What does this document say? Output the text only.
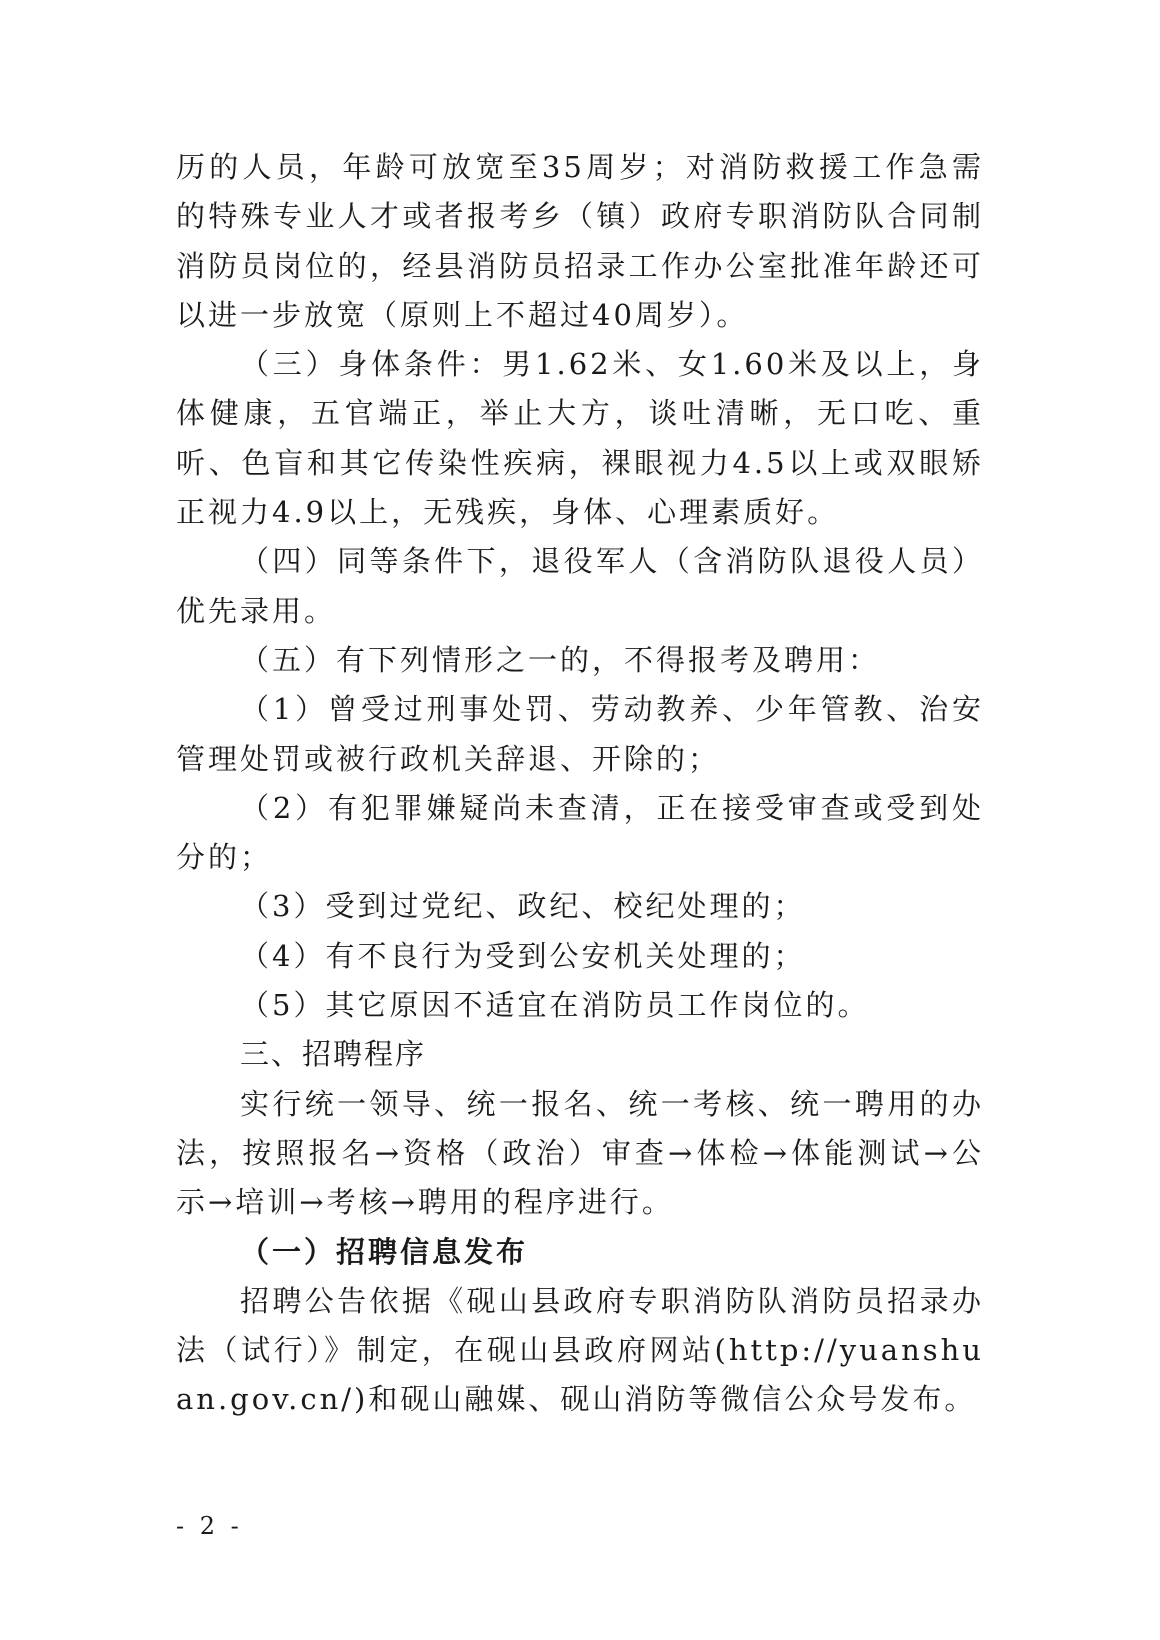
历的人员，年龄可放宽至35周岁；对消防救援工作急需的特殊专业人才或者报考乡（镇）政府专职消防队合同制消防员岗位的，经县消防员招录工作办公室批准年龄还可以进一步放宽（原则上不超过40周岁）。

（三）身体条件：男1.62米、女1.60米及以上，身体健康，五官端正，举止大方，谈吐清晰，无口吃、重听、色盲和其它传染性疾病，裸眼视力4.5以上或双眼矫正视力4.9以上，无残疾，身体、心理素质好。

（四）同等条件下，退役军人（含消防队退役人员）优先录用。

（五）有下列情形之一的，不得报考及聘用：

（1）曾受过刑事处罚、劳动教养、少年管教、治安管理处罚或被行政机关辞退、开除的；

（2）有犯罪嫌疑尚未查清，正在接受审查或受到处分的；

（3）受到过党纪、政纪、校纪处理的；

（4）有不良行为受到公安机关处理的；

（5）其它原因不适宜在消防员工作岗位的。

三、招聘程序

实行统一领导、统一报名、统一考核、统一聘用的办法，按照报名→资格（政治）审查→体检→体能测试→公示→培训→考核→聘用的程序进行。

（一）招聘信息发布

招聘公告依据《砚山县政府专职消防队消防员招录办法（试行）》制定，在砚山县政府网站(http://yuanshuan.gov.cn/)和砚山融媒、砚山消防等微信公众号发布。

- 2 -
